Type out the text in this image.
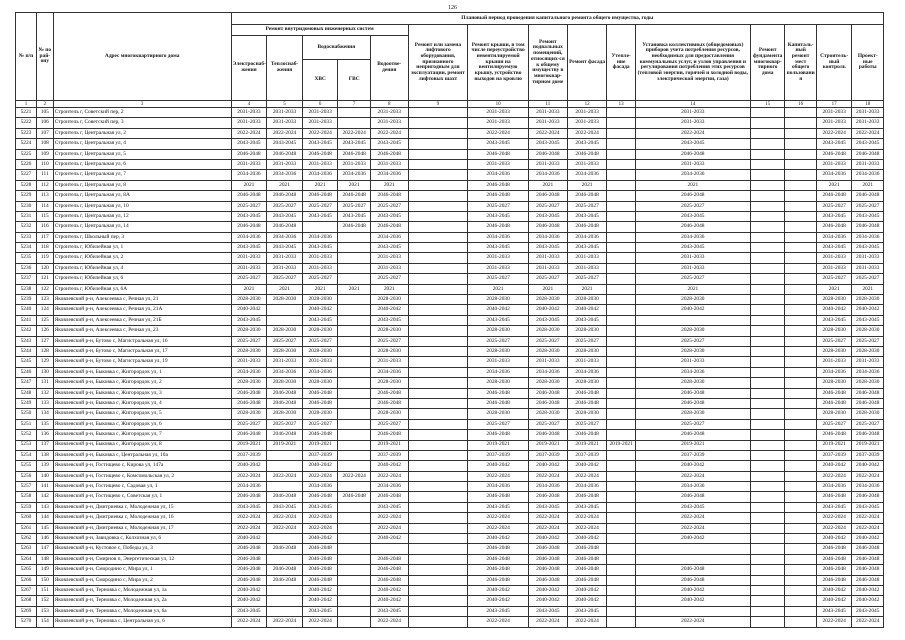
126
№ п/п	№ по рай-ону	Адрес многоквартирного дома	Плановый период проведения капитального ремонта общего имущества, годы														
			Ремонт внутридомовых инженерных систем					Ремонт или замена лифтового оборудования, признанного непригодным для эксплуатации, ремонт лифтовых шахт	Ремонт крыши, в том числе переустройство невентилируемой крыши на вентилируемую крышу, устройство выходов на кровлю	Ремонт подвальных помещений, относящих-ся к общему имуществу в многоквар-тирном доме	Ремонт фасада	Утепле-ние фасада	Установка коллективных (общедомовых) приборов учета потребления ресурсов, необходимых для предоставления коммунальных услуг, и узлов управления и регулирования потребления этих ресурсов (тепловой энергии, горячей и холодной воды, электрической энергии, газа)	Ремонт фундамента многоквар-тирного дома	Капиталь-ный ремонт мест общего пользовани я	Строитель-ный контроль	Проект-ные работы
			Электроснаб-жения	Теплоснаб-жения	Водоснабжения		Водоотве-дения										
					ХВС	ГВС											
1	2	3	4	5	6	7	8	9	10	11	12	13	14	15	16	17	18
5221	105	Строитель г, Советский пер, 2	2031-2033	2031-2033	2031-2033		2031-2033		2031-2033	2031-2033	2031-2033		2031-2033			2031-2033	2031-2033
5222	106	Строитель г, Советский пер, 3	2031-2033	2031-2033	2031-2033		2031-2033		2031-2033	2031-2033	2031-2033		2031-2033			2031-2033	2031-2033
5223	107	Строитель г, Центральная ул, 2	2022-2024	2022-2024	2022-2024	2022-2024	2022-2024		2022-2024	2022-2024	2022-2024		2022-2024			2022-2024	2022-2024
5224	108	Строитель г, Центральная ул, 4	2043-2045	2043-2045	2043-2045	2043-2045	2043-2045		2043-2045	2043-2045	2043-2045		2043-2045			2043-2045	2043-2045
5225	109	Строитель г, Центральная ул, 5	2046-2048	2046-2048	2046-2048	2046-2048	2046-2048		2046-2048	2046-2048	2046-2048		2046-2048			2046-2048	2046-2048
5226	110	Строитель г, Центральная ул, 6	2031-2033	2031-2033	2031-2033	2031-2033	2031-2033		2031-2033	2031-2033	2031-2033		2031-2033			2031-2033	2031-2033
5227	111	Строитель г, Центральная ул, 7	2034-2036	2034-2036	2034-2036	2034-2036	2034-2036		2034-2036	2034-2036	2034-2036		2034-2036			2034-2036	2034-2036
5228	112	Строитель г, Центральная ул, 8	2021	2021	2021	2021	2021		2046-2048	2021	2021		2021			2021	2021
5229	113	Строитель г, Центральная ул, 8А	2046-2048	2046-2048	2046-2048	2046-2048	2046-2048		2046-2048	2046-2048	2046-2048		2046-2048			2046-2048	2046-2048
5230	114	Строитель г, Центральная ул, 10	2025-2027	2025-2027	2025-2027	2025-2027	2025-2027		2025-2027	2025-2027	2025-2027		2025-2027			2025-2027	2025-2027
5231	115	Строитель г, Центральная ул, 12	2043-2045	2043-2045	2043-2045	2043-2045	2043-2045		2043-2045	2043-2045	2043-2045		2043-2045			2043-2045	2043-2045
5232	116	Строитель г, Центральная ул, 14	2046-2048	2046-2048		2046-2048	2046-2048		2046-2048	2046-2048	2046-2048		2046-2048			2046-2048	2046-2048
5233	117	Строитель г, Школьный пер, 3	2034-2036	2034-2036	2034-2036		2034-2036		2034-2036	2034-2036	2034-2036		2034-2036			2034-2036	2034-2036
5234	118	Строитель г, Юбилейная ул, 1	2043-2045	2043-2045	2043-2045		2043-2045		2043-2045	2043-2045	2043-2045		2043-2045			2043-2045	2043-2045
5235	119	Строитель г, Юбилейная ул, 2	2031-2033	2031-2033	2031-2033		2031-2033		2031-2033	2031-2033	2031-2033		2031-2033			2031-2033	2031-2033
5236	120	Строитель г, Юбилейная ул, 4	2031-2033	2031-2033	2031-2033		2031-2033		2031-2033	2031-2033	2031-2033		2031-2033			2031-2033	2031-2033
5237	121	Строитель г, Юбилейная ул, 6	2025-2027	2025-2027	2025-2027		2025-2027		2025-2027	2025-2027	2025-2027		2025-2027			2025-2027	2025-2027
5238	122	Строитель г, Юбилейная ул, 6А	2021	2021	2021	2021	2021		2021	2021	2021		2021			2021	2021
5239	123	Яковлевский р-н, Алексеевка с, Речная ул, 21	2028-2030	2028-2030	2028-2030		2028-2030		2028-2030	2028-2030	2028-2030		2028-2030			2028-2030	2028-2030
5240	124	Яковлевский р-н, Алексеевка с, Речная ул, 21А	2040-2042		2040-2042		2040-2042		2040-2042	2040-2042	2040-2042		2040-2042			2040-2042	2040-2042
5241	125	Яковлевский р-н, Алексеевка с, Речная ул, 21Б	2043-2045		2043-2045		2043-2045		2043-2045	2043-2045	2043-2045					2043-2045	2043-2045
5242	126	Яковлевский р-н, Алексеевка с, Речная ул, 23	2028-2030	2028-2030	2028-2030		2028-2030		2028-2030	2028-2030	2028-2030		2028-2030			2028-2030	2028-2030
5243	127	Яковлевский р-н, Бутово с, Магистральная ул, 16	2025-2027	2025-2027	2025-2027		2025-2027		2025-2027	2025-2027	2025-2027		2025-2027			2025-2027	2025-2027
5244	128	Яковлевский р-н, Бутово с, Магистральная ул, 17	2028-2030	2028-2030	2028-2030		2028-2030		2028-2030	2028-2030	2028-2030		2028-2030			2028-2030	2028-2030
5245	129	Яковлевский р-н, Бутово с, Магистральная ул, 19	2031-2033	2031-2033	2031-2033		2031-2033		2031-2033	2031-2033	2031-2033		2031-2033			2031-2033	2031-2033
5246	130	Яковлевский р-н, Быковка с, Жигорордок ул, 1	2034-2036	2034-2036	2034-2036		2034-2036		2034-2036	2034-2036	2034-2036		2034-2036			2034-2036	2034-2036
5247	131	Яковлевский р-н, Быковка с, Жигорордок ул, 2	2028-2030	2028-2030	2028-2030		2028-2030		2028-2030	2028-2030	2028-2030		2028-2030			2028-2030	2028-2030
5248	132	Яковлевский р-н, Быковка с, Жигорордок ул, 3	2046-2048	2046-2048	2046-2048		2046-2048		2046-2048	2046-2048	2046-2048		2046-2048			2046-2048	2046-2048
5249	133	Яковлевский р-н, Быковка с, Жигорордок ул, 4	2046-2048	2046-2048	2046-2048		2046-2048		2046-2048	2046-2048	2046-2048		2046-2048			2046-2048	2046-2048
5250	134	Яковлевский р-н, Быковка с, Жигорордок ул, 5	2028-2030	2028-2030	2028-2030		2028-2030		2028-2030	2028-2030	2028-2030		2028-2030			2028-2030	2028-2030
5251	135	Яковлевский р-н, Быковка с, Жигорордок ул, 6	2025-2027	2025-2027	2025-2027		2025-2027		2025-2027	2025-2027	2025-2027		2025-2027			2025-2027	2025-2027
5252	136	Яковлевский р-н, Быковка с, Жигорордок ул, 7	2046-2048	2046-2048	2046-2048		2046-2048		2046-2048	2046-2048	2046-2048		2046-2048			2046-2048	2046-2048
5253	137	Яковлевский р-н, Быковка с, Жигорордок ул, 8	2019-2021	2019-2021	2019-2021		2019-2021		2019-2021	2019-2021	2019-2021	2019-2021	2019-2021			2019-2021	2019-2021
5254	138	Яковлевский р-н, Быковка с, Центральная ул, 10а	2037-2039		2037-2039		2037-2039		2037-2039	2037-2039	2037-2039		2037-2039			2037-2039	2037-2039
5255	139	Яковлевский р-н, Гостищево с, Кирова ул, 147а	2040-2042		2040-2042		2040-2042		2040-2042	2040-2042	2040-2042		2040-2042			2040-2042	2040-2042
5256	140	Яковлевский р-н, Гостищево с, Комсомольская ул, 2	2022-2024	2022-2024	2022-2024	2022-2024	2022-2024		2022-2024	2022-2024	2022-2024		2022-2024			2022-2024	2022-2024
5257	141	Яковлевский р-н, Гостищево с, Садовая ул, 1	2034-2036		2034-2036		2034-2036		2034-2036	2034-2036	2034-2036		2034-2036			2034-2036	2034-2036
5258	142	Яковлевский р-н, Гостищево с, Советская ул, 1	2046-2048	2046-2048	2046-2048	2046-2048	2046-2048		2046-2048	2046-2048	2046-2048		2046-2048			2046-2048	2046-2048
5259	143	Яковлевский р-н, Дмитриевка с, Молодежная ул, 15	2043-2045	2043-2045	2043-2045		2043-2045		2043-2045	2043-2045	2043-2045		2043-2045			2043-2045	2043-2045
5260	144	Яковлевский р-н, Дмитриевка с, Молодежная ул, 16	2022-2024	2022-2024	2022-2024		2022-2024		2022-2024	2022-2024	2022-2024		2022-2024			2022-2024	2022-2024
5261	145	Яковлевский р-н, Дмитриевка с, Молодежная ул, 17	2022-2024	2022-2024	2022-2024		2022-2024		2022-2024	2022-2024	2022-2024		2022-2024			2022-2024	2022-2024
5262	146	Яковлевский р-н, Завидовка с, Колхозная ул, 6	2040-2042		2040-2042		2040-2042		2040-2042	2040-2042	2040-2042		2040-2042			2040-2042	2040-2042
5263	147	Яковлевский р-н, Кустовое с, Победы ул, 3	2046-2048	2046-2048	2046-2048				2046-2048	2046-2048	2046-2048					2046-2048	2046-2048
5264	148	Яковлевский р-н, Смирнов п, Энергетическая ул, 12	2046-2048		2046-2048		2046-2048		2046-2048	2046-2048	2046-2048					2046-2048	2046-2048
5265	149	Яковлевский р-н, Смородино с, Мира ул, 1	2046-2048	2046-2048	2046-2048		2046-2048		2046-2048	2046-2048	2046-2048		2046-2048			2046-2048	2046-2048
5266	150	Яковлевский р-н, Смородино с, Мира ул, 2	2046-2048	2046-2048	2046-2048		2046-2048		2046-2048	2046-2048	2046-2048		2046-2048			2046-2048	2046-2048
5267	151	Яковлевский р-н, Терновка с, Молодежная ул, 1а	2040-2042		2040-2042		2040-2042		2040-2042	2040-2042	2040-2042		2040-2042			2040-2042	2040-2042
5268	152	Яковлевский р-н, Терновка с, Молодежная ул, 2а	2040-2042		2040-2042		2040-2042		2040-2042	2040-2042	2040-2042		2040-2042			2040-2042	2040-2042
5269	153	Яковлевский р-н, Терновка с, Молодежная ул, 6а	2043-2045		2043-2045		2043-2045		2043-2045	2043-2045	2043-2045					2043-2045	2043-2045
5270	154	Яковлевский р-н, Терновка с, Центральная ул, 6	2022-2024	2022-2024	2022-2024		2022-2024		2022-2024	2022-2024	2022-2024		2022-2024			2022-2024	2022-2024
